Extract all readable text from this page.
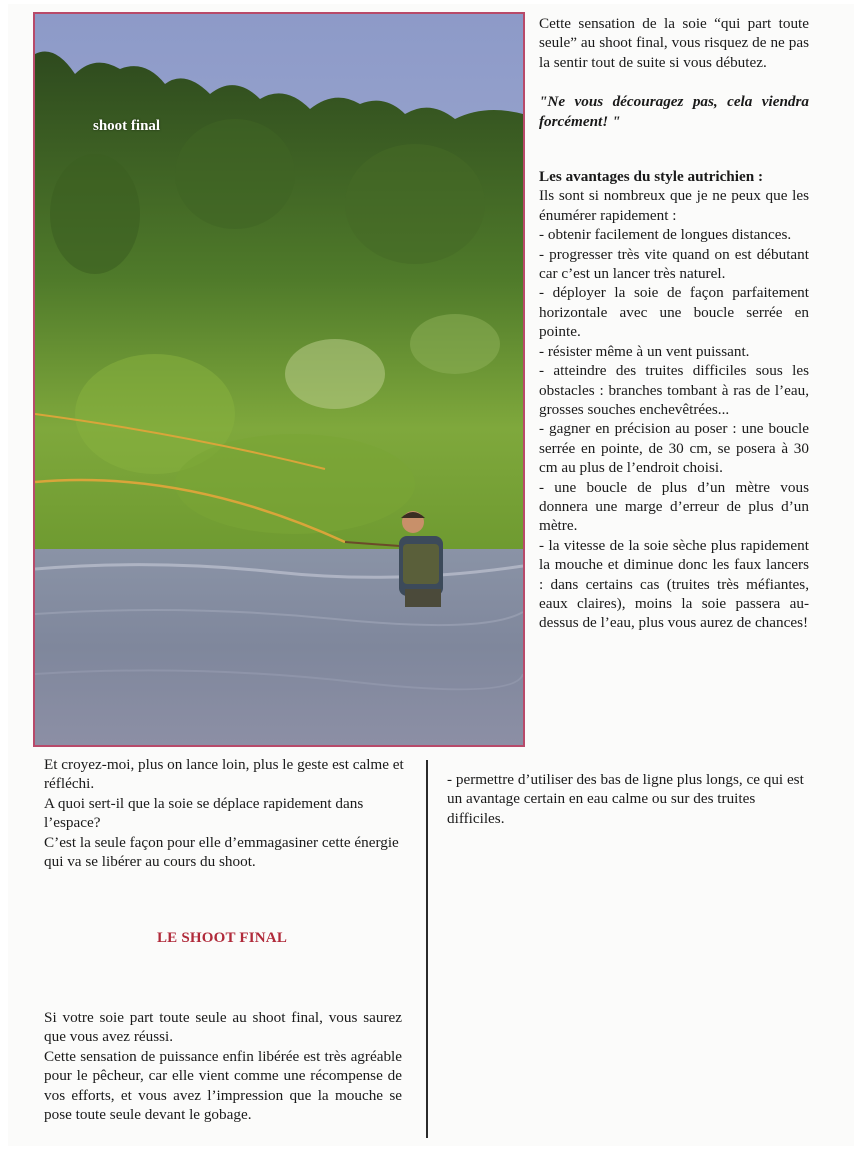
shoot final

Cette sensation de la soie “qui part toute seule” au shoot final, vous risquez de ne pas la sentir tout de suite si vous débutez.

"Ne vous découragez pas, cela viendra forcément! "

Les avantages du style autrichien :

Ils sont si nombreux que je ne peux que les énumérer rapidement :

- obtenir facilement de longues distances.

- progresser très vite quand on est débutant car c’est un lancer très naturel.

- déployer la soie de façon parfaitement horizontale avec une boucle serrée en pointe.

- résister même à un vent puissant.

- atteindre des truites difficiles sous les obstacles : branches tombant à ras de l’eau, grosses souches enchevêtrées...

- gagner en précision au poser : une boucle serrée en pointe, de 30 cm, se posera à 30 cm au plus de l’endroit choisi.

- une boucle de plus d’un mètre vous donnera une marge d’erreur de plus d’un mètre.

- la vitesse de la soie sèche plus rapidement la mouche et diminue donc les faux lancers : dans certains cas (truites très méfiantes, eaux claires), moins la soie passera au-dessus de l’eau, plus vous aurez de chances!

- permettre d’utiliser des bas de ligne plus longs, ce qui est un avantage certain en eau calme ou sur des truites difficiles.

Et croyez-moi, plus on lance loin, plus le geste est calme et réfléchi.

A quoi sert-il que la soie se déplace rapidement dans l’espace?

C’est la seule façon pour elle d’emmagasiner cette énergie qui va se libérer au cours du shoot.

LE SHOOT FINAL

Si votre soie part toute seule au shoot final, vous saurez que vous avez réussi.

Cette sensation de puissance enfin libérée est très agréable pour le pêcheur, car elle vient comme une récompense de vos efforts, et vous avez l’impression que la mouche se pose toute seule devant le gobage.
